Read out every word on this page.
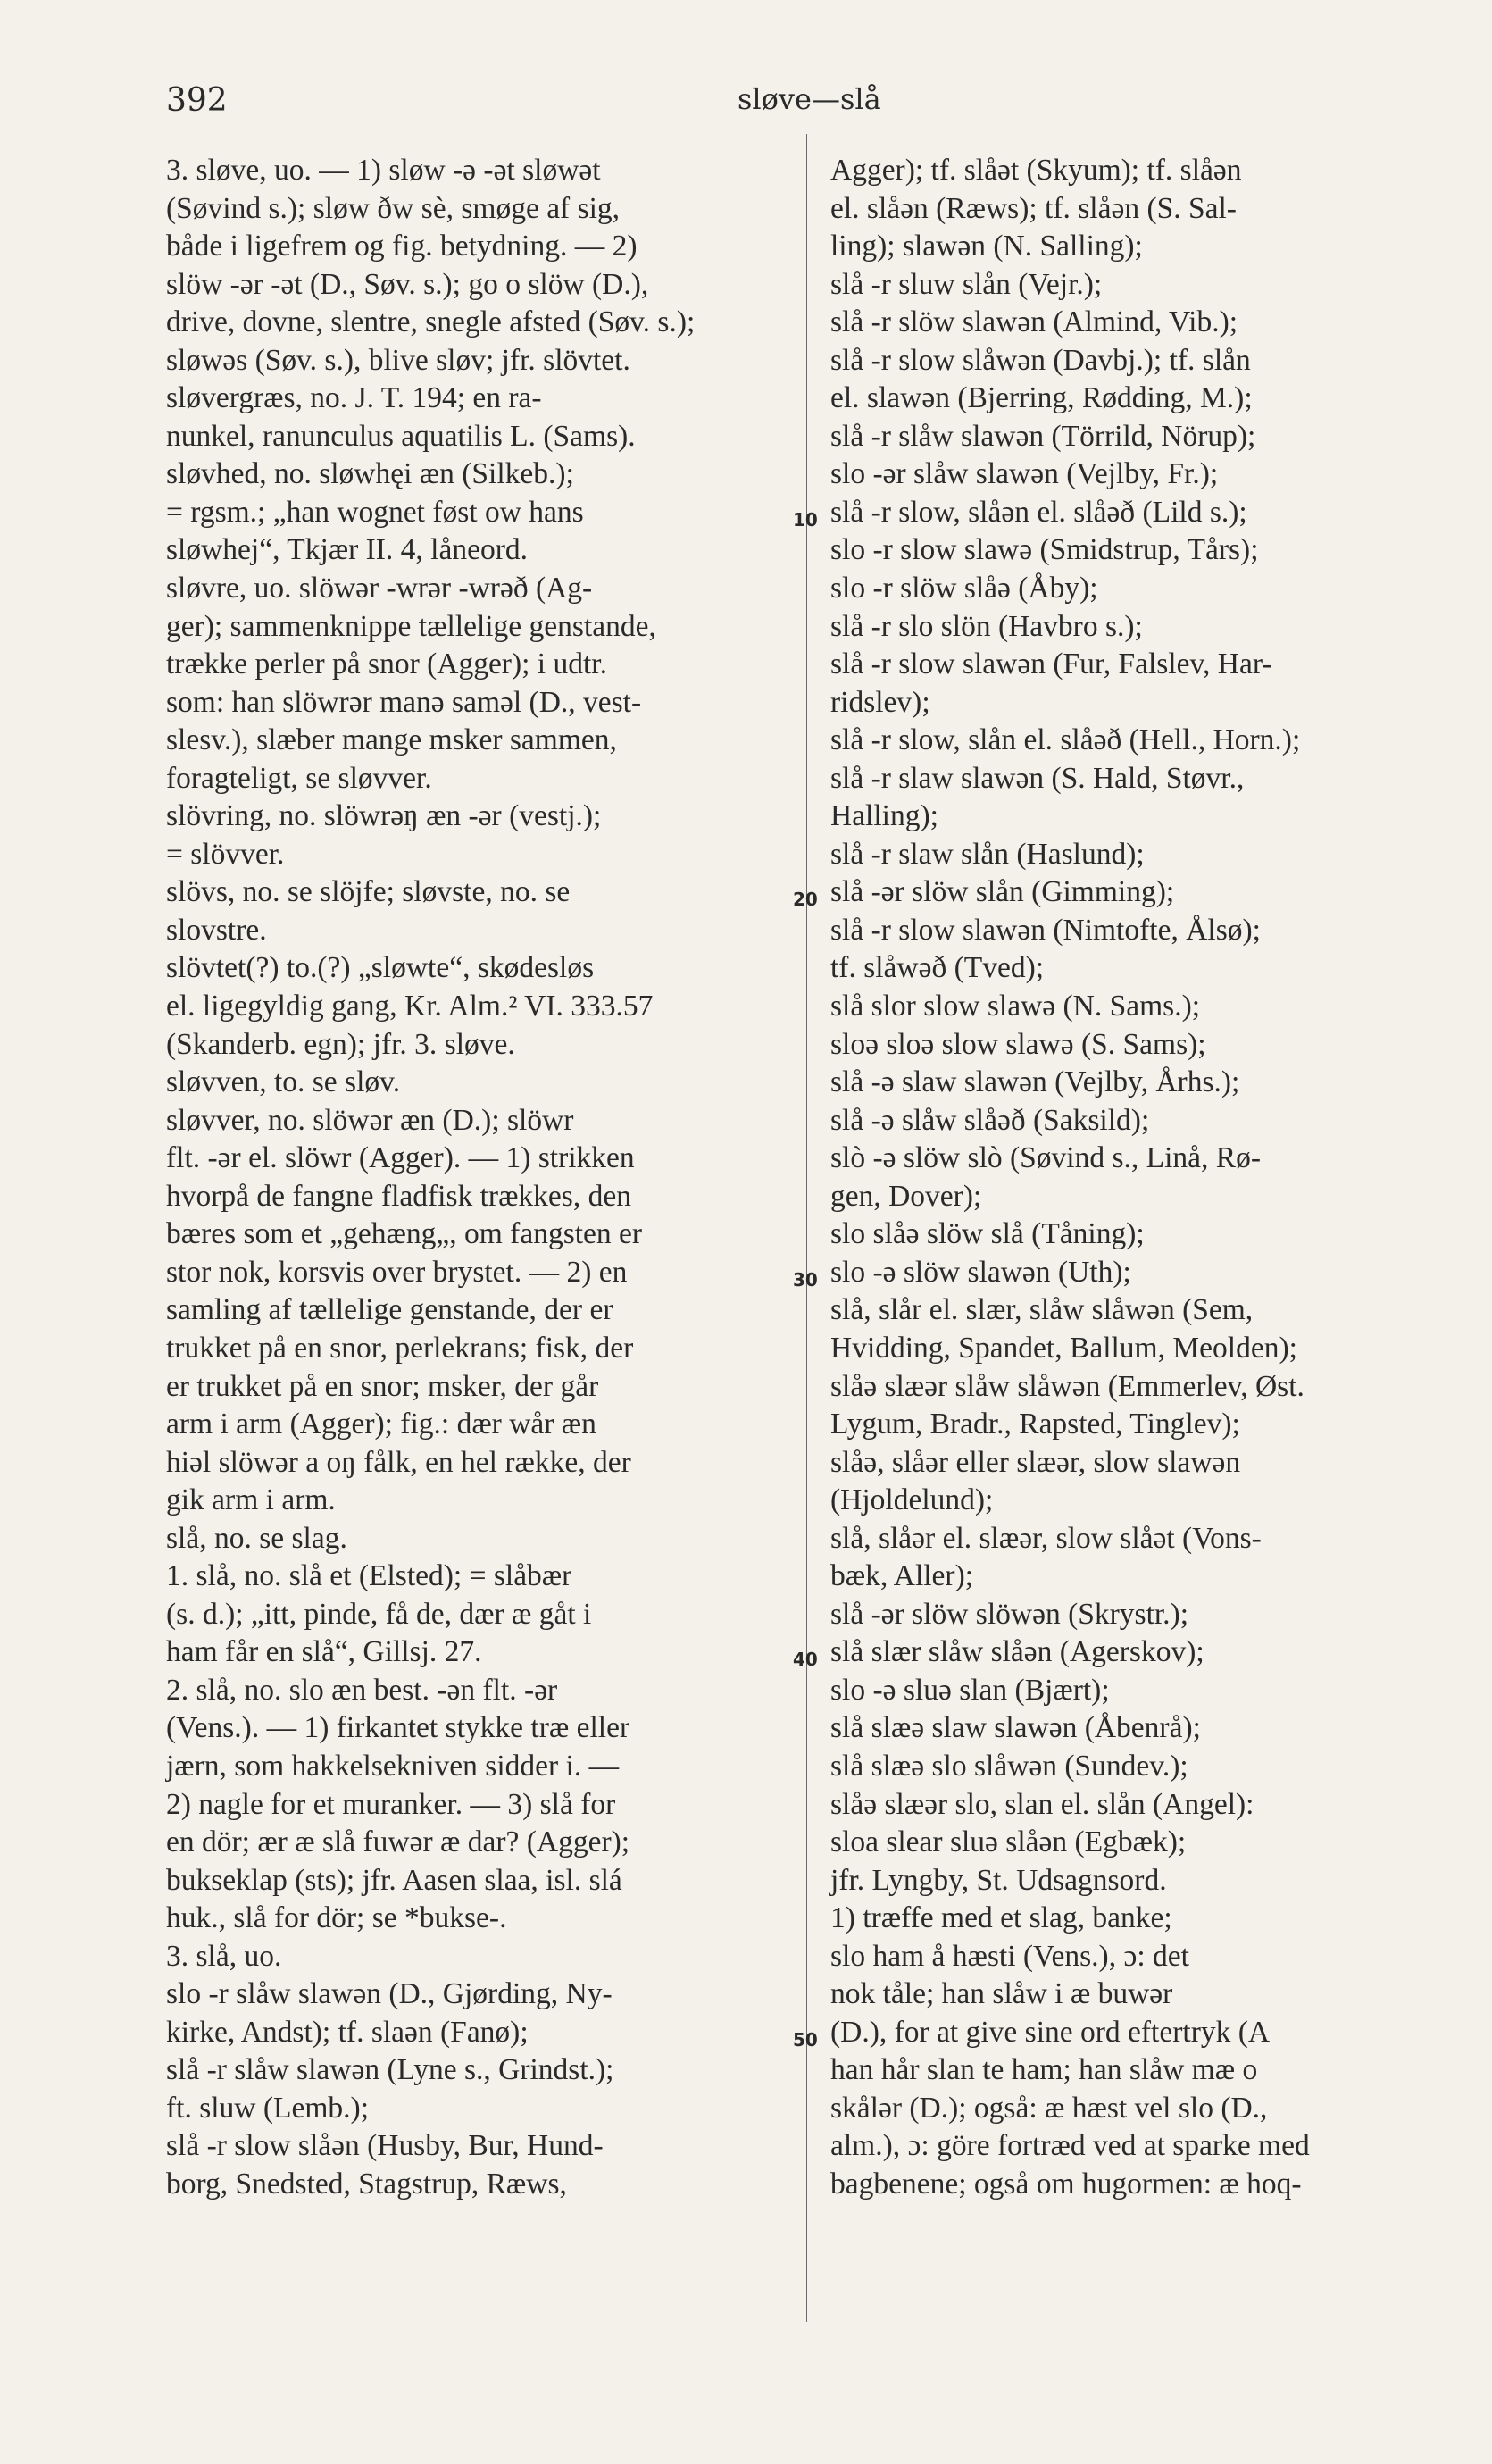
392	sløve—slå
3. sløve, uo. — 1) sløw -ə -ət sløwət
(Søvind s.); sløw ðw sè, smøge af sig,
både i ligefrem og fig. betydning. — 2)
slöw -ər -ət (D., Søv. s.); go o slöw (D.),
drive, dovne, slentre, snegle afsted (Søv. s.);
sløwəs (Søv. s.), blive sløv; jfr. slövtet.
sløvergræs, no. J. T. 194; en ra-
nunkel, ranunculus aquatilis L. (Sams).
sløvhed, no. sløwhęi æn (Silkeb.);
= rgsm.; „han wognet føst ow hans
sløwhej“, Tkjær II. 4, låneord.
sløvre, uo. slöwər -wrər -wrəð (Ag-
ger); sammenknippe tællelige genstande,
trække perler på snor (Agger); i udtr.
som: han slöwrər manə saməl (D., vest-
slesv.), slæber mange msker sammen,
foragteligt, se sløvver.
slövring, no. slöwrəŋ æn -ər (vestj.);
= slövver.
slövs, no. se slöjfe; sløvste, no. se
slovstre.
slövtet(?) to.(?) „sløwte“, skødesløs
el. ligegyldig gang, Kr. Alm.² VI. 333.57
(Skanderb. egn); jfr. 3. sløve.
sløvven, to. se sløv.
sløvver, no. slöwər æn (D.); slöwr
flt. -ər el. slöwr (Agger). — 1) strikken
hvorpå de fangne fladfisk trækkes, den
bæres som et „gehæng„, om fangsten er
stor nok, korsvis over brystet. — 2) en
samling af tællelige genstande, der er
trukket på en snor, perlekrans; fisk, der
er trukket på en snor; msker, der går
arm i arm (Agger); fig.: dær wår æn
hiəl slöwər a oŋ fålk, en hel række, der
gik arm i arm.
slå, no. se slag.
1. slå, no. slå et (Elsted); = slåbær
(s. d.); „itt, pinde, få de, dær æ gåt i
ham får en slå“, Gillsj. 27.
2. slå, no. slo æn best. -ən flt. -ər
(Vens.). — 1) firkantet stykke træ eller
jærn, som hakkelsekniven sidder i. —
2) nagle for et muranker. — 3) slå for
en dör; ær æ slå fuwər æ dar? (Agger);
bukseklap (sts); jfr. Aasen slaa, isl. slá
huk., slå for dör; se *bukse-.
3. slå, uo.
slo -r slåw slawən (D., Gjørding, Ny-
kirke, Andst); tf. slaən (Fanø);
slå -r slåw slawən (Lyne s., Grindst.);
ft. sluw (Lemb.);
slå -r slow slåən (Husby, Bur, Hund-
borg, Snedsted, Stagstrup, Ræws,
10
20
30
40
50
Agger); tf. slåət (Skyum); tf. slåən
el. slåən (Ræws); tf. slåən (S. Sal-
ling); slawən (N. Salling);
slå -r sluw slån (Vejr.);
slå -r slöw slawən (Almind, Vib.);
slå -r slow slåwən (Davbj.); tf. slån
el. slawən (Bjerring, Rødding, M.);
slå -r slåw slawən (Törrild, Nörup);
slo -ər slåw slawən (Vejlby, Fr.);
slå -r slow, slåən el. slåəð (Lild s.);
slo -r slow slawə (Smidstrup, Tårs);
slo -r slöw slåə (Åby);
slå -r slo slön (Havbro s.);
slå -r slow slawən (Fur, Falslev, Har-
ridslev);
slå -r slow, slån el. slåəð (Hell., Horn.);
slå -r slaw slawən (S. Hald, Støvr.,
Halling);
slå -r slaw slån (Haslund);
slå -ər slöw slån (Gimming);
slå -r slow slawən (Nimtofte, Ålsø);
tf. slåwəð (Tved);
slå slor slow slawə (N. Sams.);
sloə sloə slow slawə (S. Sams);
slå -ə slaw slawən (Vejlby, Århs.);
slå -ə slåw slåəð (Saksild);
slò -ə slöw slò (Søvind s., Linå, Rø-
gen, Dover);
slo slåə slöw slå (Tåning);
slo -ə slöw slawən (Uth);
slå, slår el. slær, slåw slåwən (Sem,
Hvidding, Spandet, Ballum, Meolden);
slåə slæər slåw slåwən (Emmerlev, Øst.
Lygum, Bradr., Rapsted, Tinglev);
slåə, slåər eller slæər, slow slawən
(Hjoldelund);
slå, slåər el. slæər, slow slåət (Vons-
bæk, Aller);
slå -ər slöw slöwən (Skrystr.);
slå slær slåw slåən (Agerskov);
slo -ə sluə slan (Bjært);
slå slæə slaw slawən (Åbenrå);
slå slæə slo slåwən (Sundev.);
slåə slæər slo, slan el. slån (Angel):
sloa slear sluə slåən (Egbæk);
jfr. Lyngby, St. Udsagnsord.
1) træffe med et slag, banke;
slo ham å hæsti (Vens.), ɔ: det
nok tåle; han slåw i æ buwər
(D.), for at give sine ord eftertryk (A
han hår slan te ham; han slåw mæ o
skålər (D.); også: æ hæst vel slo (D.,
alm.), ɔ: göre fortræd ved at sparke med
bagbenene; også om hugormen: æ hoq-
